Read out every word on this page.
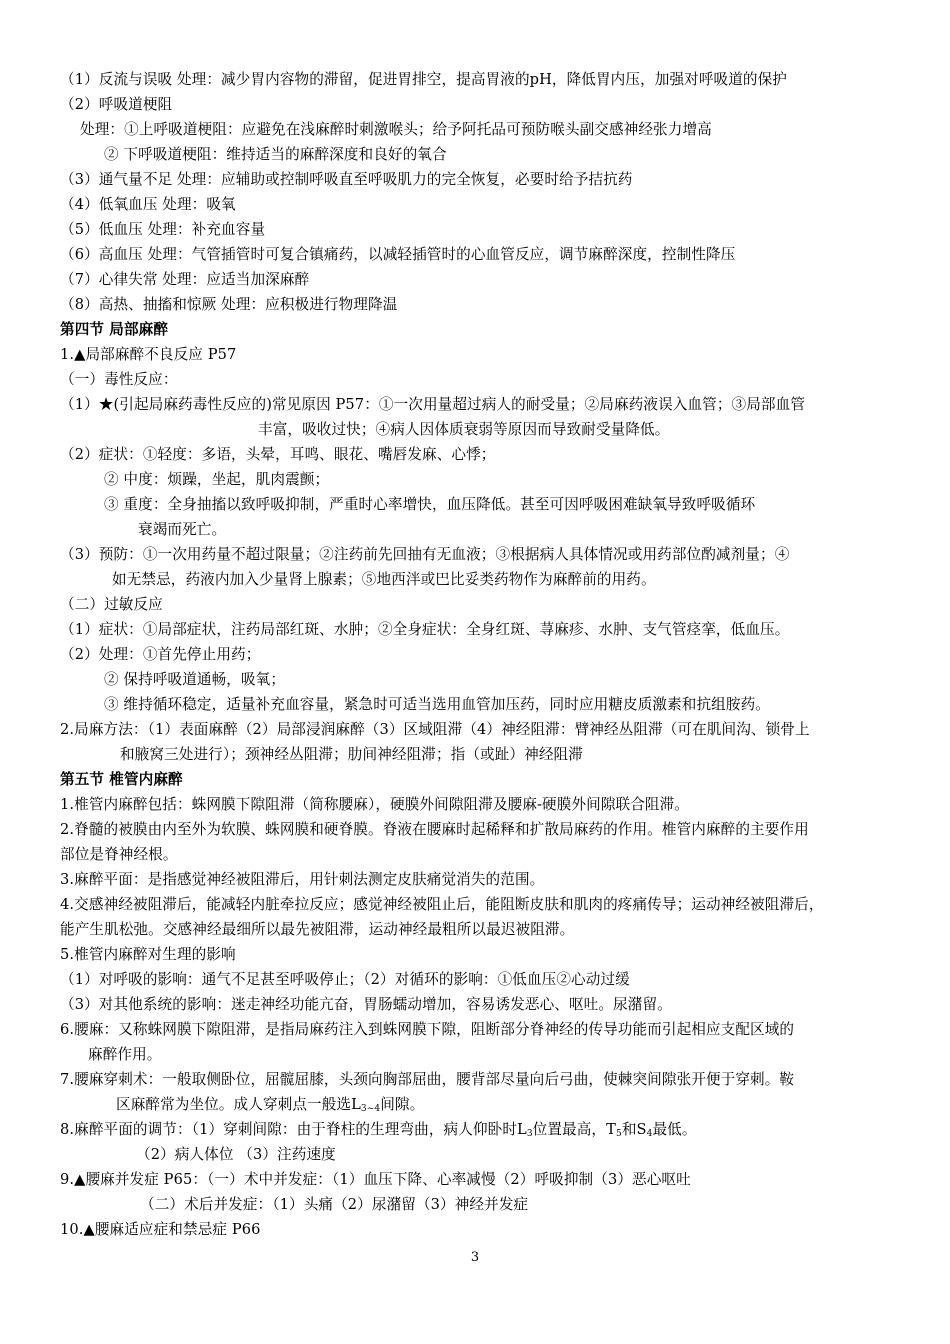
（1）反流与误吸 处理：减少胃内容物的滞留，促进胃排空，提高胃液的pH，降低胃内压，加强对呼吸道的保护
（2）呼吸道梗阻
处理：①上呼吸道梗阻：应避免在浅麻醉时刺激喉头；给予阿托品可预防喉头副交感神经张力增高
② 下呼吸道梗阻：维持适当的麻醉深度和良好的氧合
（3）通气量不足 处理：应辅助或控制呼吸直至呼吸肌力的完全恢复，必要时给予拮抗药
（4）低氧血压 处理：吸氧
（5）低血压 处理：补充血容量
（6）高血压 处理：气管插管时可复合镇痛药，以减轻插管时的心血管反应，调节麻醉深度，控制性降压
（7）心律失常 处理：应适当加深麻醉
（8）高热、抽搐和惊厥 处理：应积极进行物理降温
第四节 局部麻醉
1.▲局部麻醉不良反应 P57
（一）毒性反应：
（1）★(引起局麻药毒性反应的)常见原因 P57：①一次用量超过病人的耐受量；②局麻药液误入血管；③局部血管
丰富，吸收过快；④病人因体质衰弱等原因而导致耐受量降低。
（2）症状：①轻度：多语，头晕，耳鸣、眼花、嘴唇发麻、心悸；
② 中度：烦躁，坐起，肌肉震颤；
③ 重度：全身抽搐以致呼吸抑制，严重时心率增快，血压降低。甚至可因呼吸困难缺氧导致呼吸循环
衰竭而死亡。
（3）预防：①一次用药量不超过限量；②注药前先回抽有无血液；③根据病人具体情况或用药部位酌减剂量；④
如无禁忌，药液内加入少量肾上腺素；⑤地西泮或巴比妥类药物作为麻醉前的用药。
（二）过敏反应
（1）症状：①局部症状，注药局部红斑、水肿；②全身症状：全身红斑、荨麻疹、水肿、支气管痉挛，低血压。
（2）处理：①首先停止用药；
② 保持呼吸道通畅，吸氧；
③ 维持循环稳定，适量补充血容量，紧急时可适当选用血管加压药，同时应用糖皮质激素和抗组胺药。
2.局麻方法：（1）表面麻醉（2）局部浸润麻醉（3）区域阻滞（4）神经阻滞：臂神经丛阻滞（可在肌间沟、锁骨上
和腋窝三处进行）；颈神经丛阻滞；肋间神经阻滞；指（或趾）神经阻滞
第五节 椎管内麻醉
1.椎管内麻醉包括：蛛网膜下隙阻滞（简称腰麻），硬膜外间隙阻滞及腰麻-硬膜外间隙联合阻滞。
2.脊髓的被膜由内至外为软膜、蛛网膜和硬脊膜。脊液在腰麻时起稀释和扩散局麻药的作用。椎管内麻醉的主要作用
部位是脊神经根。
3.麻醉平面：是指感觉神经被阻滞后，用针刺法测定皮肤痛觉消失的范围。
4.交感神经被阻滞后，能减轻内脏牵拉反应；感觉神经被阻止后，能阻断皮肤和肌肉的疼痛传导；运动神经被阻滞后，
能产生肌松弛。交感神经最细所以最先被阻滞，运动神经最粗所以最迟被阻滞。
5.椎管内麻醉对生理的影响
（1）对呼吸的影响：通气不足甚至呼吸停止；（2）对循环的影响：①低血压②心动过缓
（3）对其他系统的影响：迷走神经功能亢奋，胃肠蠕动增加，容易诱发恶心、呕吐。尿潴留。
6.腰麻：又称蛛网膜下隙阻滞，是指局麻药注入到蛛网膜下隙，阻断部分脊神经的传导功能而引起相应支配区域的
麻醉作用。
7.腰麻穿刺术：一般取侧卧位，屈髋屈膝，头颈向胸部屈曲，腰背部尽量向后弓曲，使棘突间隙张开便于穿刺。鞍
区麻醉常为坐位。成人穿刺点一般选$L_{3\sim 4}$间隙。
8.麻醉平面的调节：（1）穿刺间隙：由于脊柱的生理弯曲，病人仰卧时$L_3$位置最高，$T_5$和$S_4$最低。
（2）病人体位 （3）注药速度
9.▲腰麻并发症 P65：（一）术中并发症：（1）血压下降、心率减慢（2）呼吸抑制（3）恶心呕吐
（二）术后并发症：（1）头痛（2）尿潴留（3）神经并发症
10.▲腰麻适应症和禁忌症 P66
3
